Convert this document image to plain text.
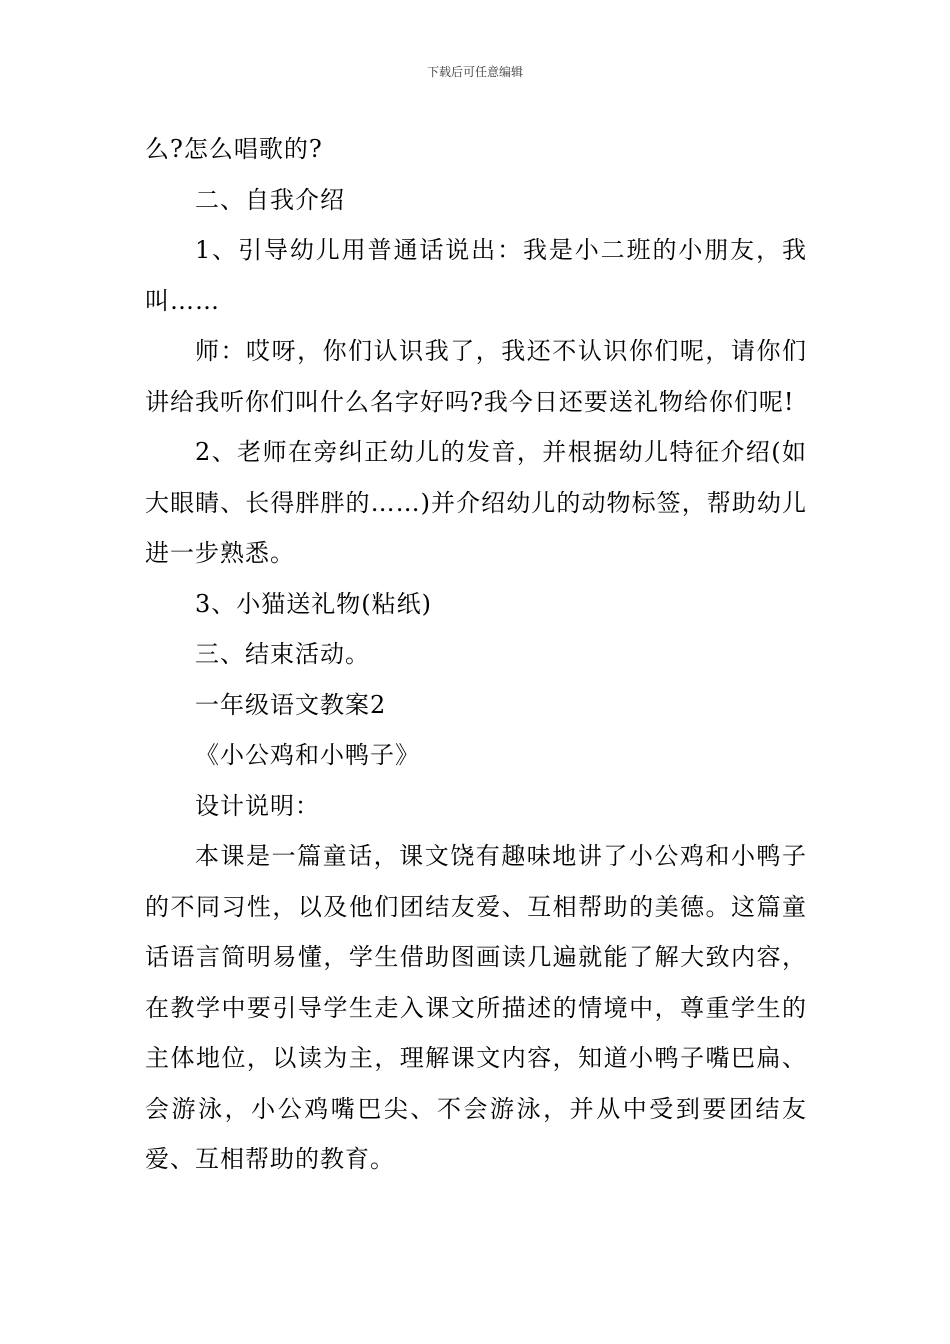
下载后可任意编辑

么?怎么唱歌的?

二、自我介绍

1、引导幼儿用普通话说出：我是小二班的小朋友，我叫……

师：哎呀，你们认识我了，我还不认识你们呢，请你们讲给我听你们叫什么名字好吗?我今日还要送礼物给你们呢!

2、老师在旁纠正幼儿的发音，并根据幼儿特征介绍(如大眼睛、长得胖胖的……)并介绍幼儿的动物标签，帮助幼儿进一步熟悉。

3、小猫送礼物(粘纸)

三、结束活动。

一年级语文教案2

《小公鸡和小鸭子》

设计说明：

本课是一篇童话，课文饶有趣味地讲了小公鸡和小鸭子的不同习性，以及他们团结友爱、互相帮助的美德。这篇童话语言简明易懂，学生借助图画读几遍就能了解大致内容，在教学中要引导学生走入课文所描述的情境中，尊重学生的主体地位，以读为主，理解课文内容，知道小鸭子嘴巴扁、会游泳，小公鸡嘴巴尖、不会游泳，并从中受到要团结友爱、互相帮助的教育。
